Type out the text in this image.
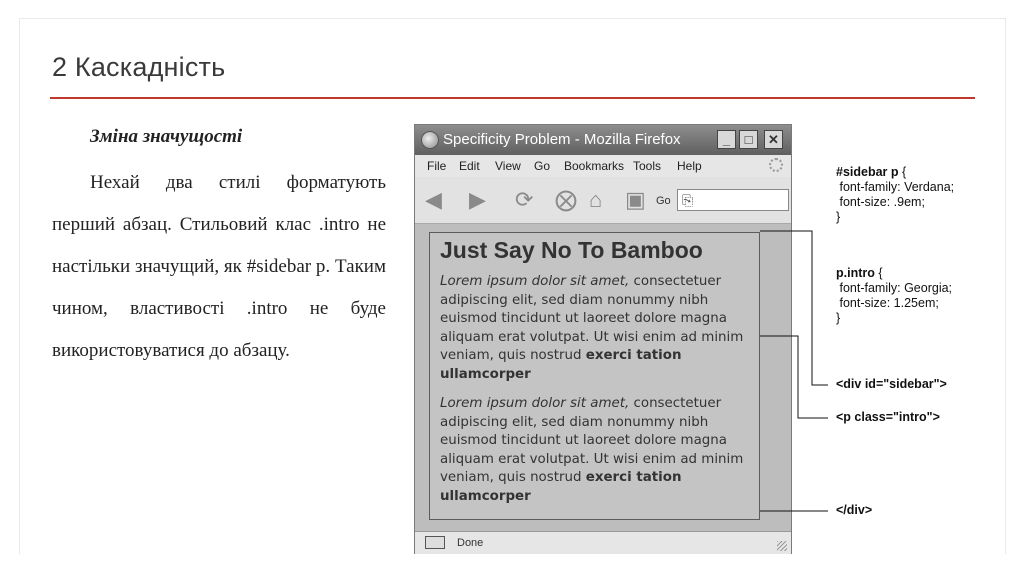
2 Каскадність
Зміна значущості
Нехай два стилі форматують перший абзац. Стильовий клас .intro не настільки значущий, як #sidebar p. Таким чином, властивості .intro не буде використовуватися до абзацу.
Specificity Problem - Mozilla Firefox	_	□	✕
File Edit View Go Bookmarks Tools Help
◀ ▶ ⟳ ⨂ ⌂ ▣ Go ⎘
Just Say No To Bamboo
Lorem ipsum dolor sit amet, consectetuer adipiscing elit, sed diam nonummy nibh euismod tincidunt ut laoreet dolore magna aliquam erat volutpat. Ut wisi enim ad minim veniam, quis nostrud exerci tation ullamcorper
Lorem ipsum dolor sit amet, consectetuer adipiscing elit, sed diam nonummy nibh euismod tincidunt ut laoreet dolore magna aliquam erat volutpat. Ut wisi enim ad minim veniam, quis nostrud exerci tation ullamcorper
Done
#sidebar p {
font-family: Verdana;
font-size: .9em;
}
p.intro {
font-family: Georgia;
font-size: 1.25em;
}
<div id="sidebar">
<p class="intro">
</div>
